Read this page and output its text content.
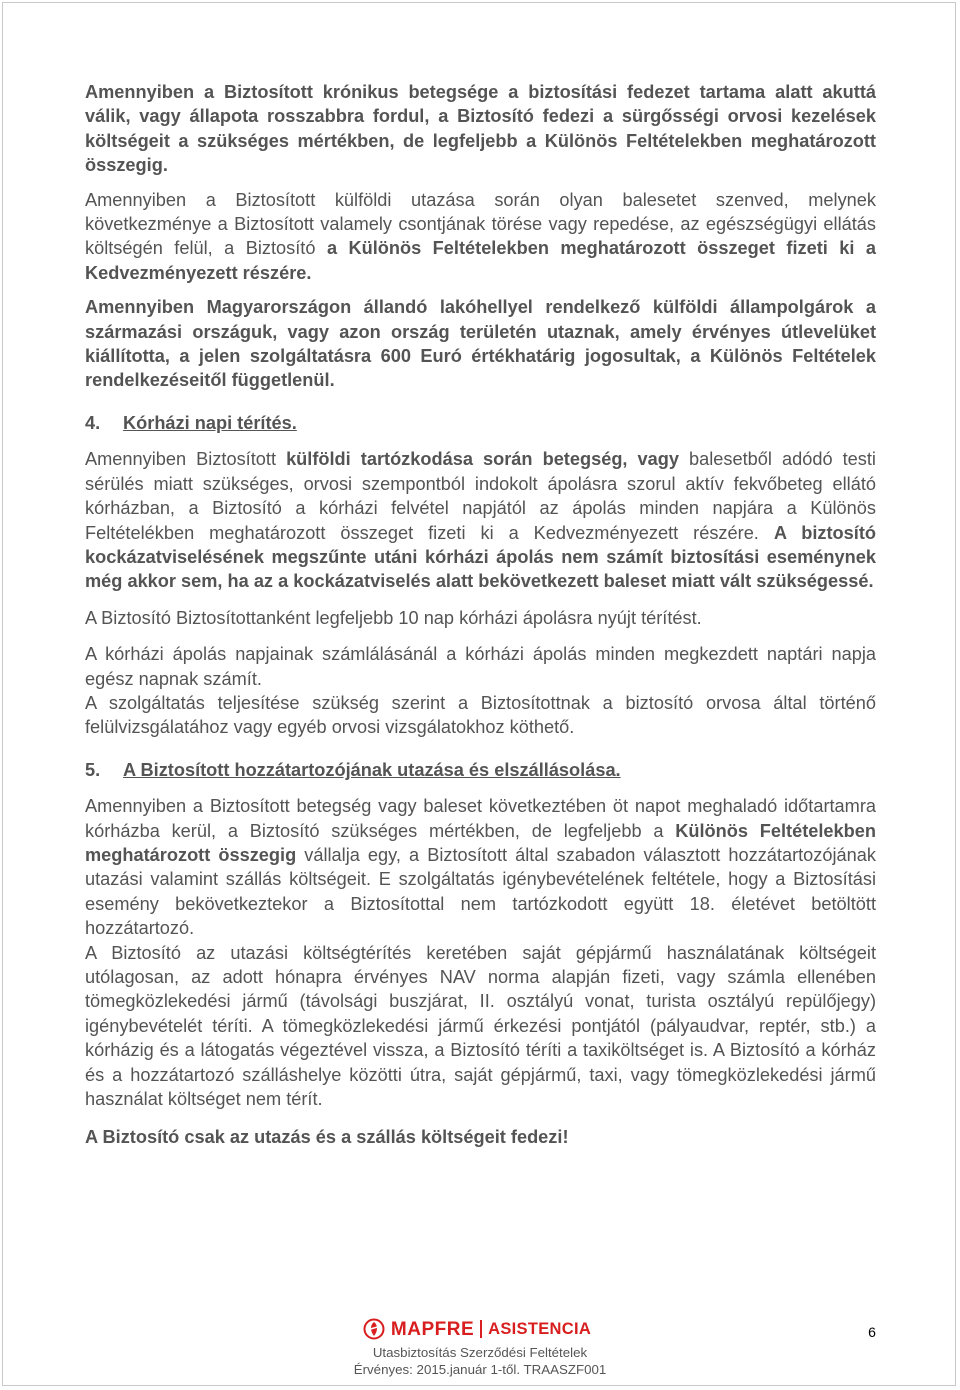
Amennyiben a Biztosított krónikus betegsége a biztosítási fedezet tartama alatt akuttá válik, vagy állapota rosszabbra fordul, a Biztosító fedezi a sürgősségi orvosi kezelések költségeit a szükséges mértékben, de legfeljebb a Különös Feltételekben meghatározott összegig.

Amennyiben a Biztosított külföldi utazása során olyan balesetet szenved, melynek következménye a Biztosított valamely csontjának törése vagy repedése, az egészségügyi ellátás költségén felül, a Biztosító a Különös Feltételekben meghatározott összeget fizeti ki a Kedvezményezett részére.

Amennyiben Magyarországon állandó lakóhellyel rendelkező külföldi állampolgárok a származási országuk, vagy azon ország területén utaznak, amely érvényes útlevelüket kiállította, a jelen szolgáltatásra 600 Euró értékhatárig jogosultak, a Különös Feltételek rendelkezéseitől függetlenül.

4.	Kórházi napi térítés.

Amennyiben Biztosított külföldi tartózkodása során betegség, vagy balesetből adódó testi sérülés miatt szükséges, orvosi szempontból indokolt ápolásra szorul aktív fekvőbeteg ellátó kórházban, a Biztosító a kórházi felvétel napjától az ápolás minden napjára a Különös Feltételékben meghatározott összeget fizeti ki a Kedvezményezett részére. A biztosító kockázatviselésének megszűnte utáni kórházi ápolás nem számít biztosítási eseménynek még akkor sem, ha az a kockázatviselés alatt bekövetkezett baleset miatt vált szükségessé.

A Biztosító Biztosítottanként legfeljebb 10 nap kórházi ápolásra nyújt térítést.

A kórházi ápolás napjainak számlálásánál a kórházi ápolás minden megkezdett naptári napja egész napnak számít.

A szolgáltatás teljesítése szükség szerint a Biztosítottnak a biztosító orvosa által történő felülvizsgálatához vagy egyéb orvosi vizsgálatokhoz köthető.

5.	A Biztosított hozzátartozójának utazása és elszállásolása.

Amennyiben a Biztosított betegség vagy baleset következtében öt napot meghaladó időtartamra kórházba kerül, a Biztosító szükséges mértékben, de legfeljebb a Különös Feltételekben meghatározott összegig vállalja egy, a Biztosított által szabadon választott hozzátartozójának utazási valamint szállás költségeit. E szolgáltatás igénybevételének feltétele, hogy a Biztosítási esemény bekövetkeztekor a Biztosítottal nem tartózkodott együtt 18. életévet betöltött hozzátartozó.

A Biztosító az utazási költségtérítés keretében saját gépjármű használatának költségeit utólagosan, az adott hónapra érvényes NAV norma alapján fizeti, vagy számla ellenében tömegközlekedési jármű (távolsági buszjárat, II. osztályú vonat, turista osztályú repülőjegy) igénybevételét téríti. A tömegközlekedési jármű érkezési pontjától (pályaudvar, reptér, stb.) a kórházig és a látogatás végeztével vissza, a Biztosító téríti a taxiköltséget is. A Biztosító a kórház és a hozzátartozó szálláshelye közötti útra, saját gépjármű, taxi, vagy tömegközlekedési jármű használat költséget nem térít.

A Biztosító csak az utazás és a szállás költségeit fedezi!

MAPFRE ASISTENCIA
Utasbiztosítás Szerződési Feltételek
Érvényes: 2015.január 1-től. TRAASZF001
6
